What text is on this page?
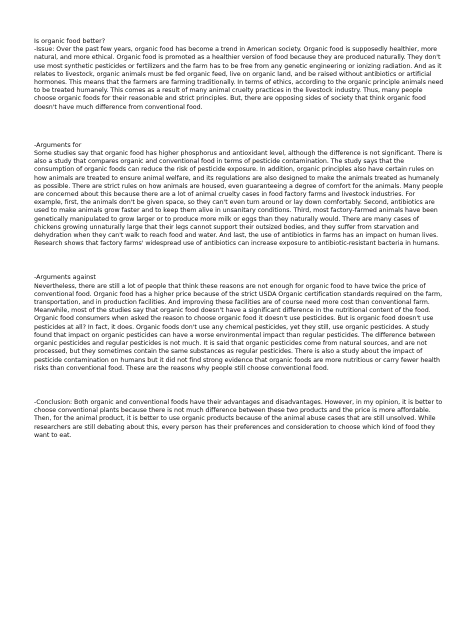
Is organic food better?

-Issue: Over the past few years, organic food has become a trend in American society. Organic food is supposedly healthier, more natural, and more ethical. Organic food is promoted as a healthier version of food because they are produced naturally. They don't use most synthetic pesticides or fertilizers and the farm has to be free from any genetic engineering or ionizing radiation. And as it relates to livestock, organic animals must be fed organic feed, live on organic land, and be raised without antibiotics or artificial hormones. This means that the farmers are farming traditionally. In terms of ethics, according to the organic principle animals need to be treated humanely. This comes as a result of many animal cruelty practices in the livestock industry. Thus, many people choose organic foods for their reasonable and strict principles. But, there are opposing sides of society that think organic food doesn't have much difference from conventional food.

-Arguments for

Some studies say that organic food has higher phosphorus and antioxidant level, although the difference is not significant. There is also a study that compares organic and conventional food in terms of pesticide contamination. The study says that the consumption of organic foods can reduce the risk of pesticide exposure. In addition, organic principles also have certain rules on how animals are treated to ensure animal welfare, and its regulations are also designed to make the animals treated as humanely as possible. There are strict rules on how animals are housed, even guaranteeing a degree of comfort for the animals. Many people are concerned about this because there are a lot of animal cruelty cases in food factory farms and livestock industries. For example, first, the animals don't be given space, so they can't even turn around or lay down comfortably. Second, antibiotics are used to make animals grow faster and to keep them alive in unsanitary conditions. Third, most factory-farmed animals have been genetically manipulated to grow larger or to produce more milk or eggs than they naturally would. There are many cases of chickens growing unnaturally large that their legs cannot support their outsized bodies, and they suffer from starvation and dehydration when they can't walk to reach food and water. And last, the use of antibiotics in farms has an impact on human lives. Research shows that factory farms' widespread use of antibiotics can increase exposure to antibiotic-resistant bacteria in humans.

-Arguments against

Nevertheless, there are still a lot of people that think these reasons are not enough for organic food to have twice the price of conventional food. Organic food has a higher price because of the strict USDA Organic certification standards required on the farm, transportation, and in production facilities. And improving these facilities are of course need more cost than conventional farm. Meanwhile, most of the studies say that organic food doesn't have a significant difference in the nutritional content of the food. Organic food consumers when asked the reason to choose organic food it doesn't use pesticides. But is organic food doesn't use pesticides at all? In fact, it does. Organic foods don't use any chemical pesticides, yet they still, use organic pesticides. A study found that impact on organic pesticides can have a worse environmental impact than regular pesticides. The difference between organic pesticides and regular pesticides is not much. It is said that organic pesticides come from natural sources, and are not processed, but they sometimes contain the same substances as regular pesticides. There is also a study about the impact of pesticide contamination on humans but it did not find strong evidence that organic foods are more nutritious or carry fewer health risks than conventional food. These are the reasons why people still choose conventional food.

-Conclusion: Both organic and conventional foods have their advantages and disadvantages. However, in my opinion, it is better to choose conventional plants because there is not much difference between these two products and the price is more affordable. Then, for the animal product, it is better to use organic products because of the animal abuse cases that are still unsolved. While researchers are still debating about this, every person has their preferences and consideration to choose which kind of food they want to eat.
